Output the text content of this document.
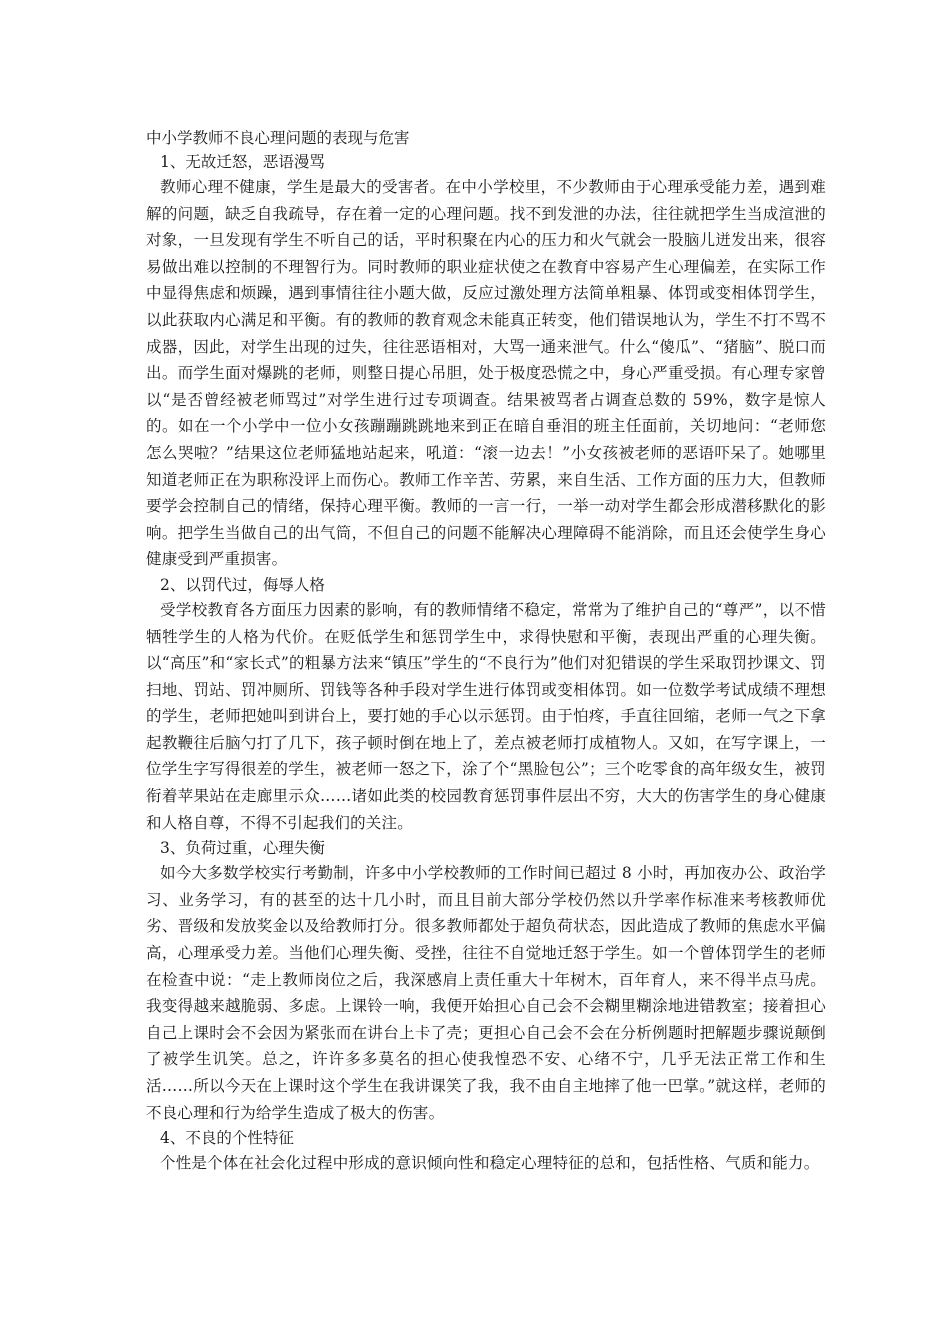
中小学教师不良心理问题的表现与危害

1、无故迁怒，恶语漫骂

教师心理不健康，学生是最大的受害者。在中小学校里，不少教师由于心理承受能力差，遇到难解的问题，缺乏自我疏导，存在着一定的心理问题。找不到发泄的办法，往往就把学生当成渲泄的对象，一旦发现有学生不听自己的话，平时积聚在内心的压力和火气就会一股脑儿迸发出来，很容易做出难以控制的不理智行为。同时教师的职业症状使之在教育中容易产生心理偏差，在实际工作中显得焦虑和烦躁，遇到事情往往小题大做，反应过激处理方法简单粗暴、体罚或变相体罚学生，以此获取内心满足和平衡。有的教师的教育观念未能真正转变，他们错误地认为，学生不打不骂不成器，因此，对学生出现的过失，往往恶语相对，大骂一通来泄气。什么“傻瓜”、“猪脑”、脱口而出。而学生面对爆跳的老师，则整日提心吊胆，处于极度恐慌之中，身心严重受损。有心理专家曾以“是否曾经被老师骂过”对学生进行过专项调查。结果被骂者占调查总数的 59%，数字是惊人的。如在一个小学中一位小女孩蹦蹦跳跳地来到正在暗自垂泪的班主任面前，关切地问：“老师您怎么哭啦？”结果这位老师猛地站起来，吼道：“滚一边去！”小女孩被老师的恶语吓呆了。她哪里知道老师正在为职称没评上而伤心。教师工作辛苦、劳累，来自生活、工作方面的压力大，但教师要学会控制自己的情绪，保持心理平衡。教师的一言一行，一举一动对学生都会形成潜移默化的影响。把学生当做自己的出气筒，不但自己的问题不能解决心理障碍不能消除，而且还会使学生身心健康受到严重损害。

2、以罚代过，侮辱人格

受学校教育各方面压力因素的影响，有的教师情绪不稳定，常常为了维护自己的“尊严”，以不惜牺牲学生的人格为代价。在贬低学生和惩罚学生中，求得快慰和平衡，表现出严重的心理失衡。以“高压”和“家长式”的粗暴方法来“镇压”学生的“不良行为”他们对犯错误的学生采取罚抄课文、罚扫地、罚站、罚冲厕所、罚钱等各种手段对学生进行体罚或变相体罚。如一位数学考试成绩不理想的学生，老师把她叫到讲台上，要打她的手心以示惩罚。由于怕疼，手直往回缩，老师一气之下拿起教鞭往后脑勺打了几下，孩子顿时倒在地上了，差点被老师打成植物人。又如，在写字课上，一位学生字写得很差的学生，被老师一怒之下，涂了个“黑脸包公”；三个吃零食的高年级女生，被罚衔着苹果站在走廊里示众……诸如此类的校园教育惩罚事件层出不穷，大大的伤害学生的身心健康和人格自尊，不得不引起我们的关注。

3、负荷过重，心理失衡

如今大多数学校实行考勤制，许多中小学校教师的工作时间已超过 8 小时，再加夜办公、政治学习、业务学习，有的甚至的达十几小时，而且目前大部分学校仍然以升学率作标准来考核教师优劣、晋级和发放奖金以及给教师打分。很多教师都处于超负荷状态，因此造成了教师的焦虑水平偏高，心理承受力差。当他们心理失衡、受挫，往往不自觉地迁怒于学生。如一个曾体罚学生的老师在检查中说：“走上教师岗位之后，我深感肩上责任重大十年树木，百年育人，来不得半点马虎。我变得越来越脆弱、多虑。上课铃一响，我便开始担心自己会不会糊里糊涂地进错教室；接着担心自己上课时会不会因为紧张而在讲台上卡了壳；更担心自己会不会在分析例题时把解题步骤说颠倒了被学生讥笑。总之，许许多多莫名的担心使我惶恐不安、心绪不宁，几乎无法正常工作和生活……所以今天在上课时这个学生在我讲课笑了我，我不由自主地摔了他一巴掌。”就这样，老师的不良心理和行为给学生造成了极大的伤害。

4、不良的个性特征

个性是个体在社会化过程中形成的意识倾向性和稳定心理特征的总和，包括性格、气质和能力。
